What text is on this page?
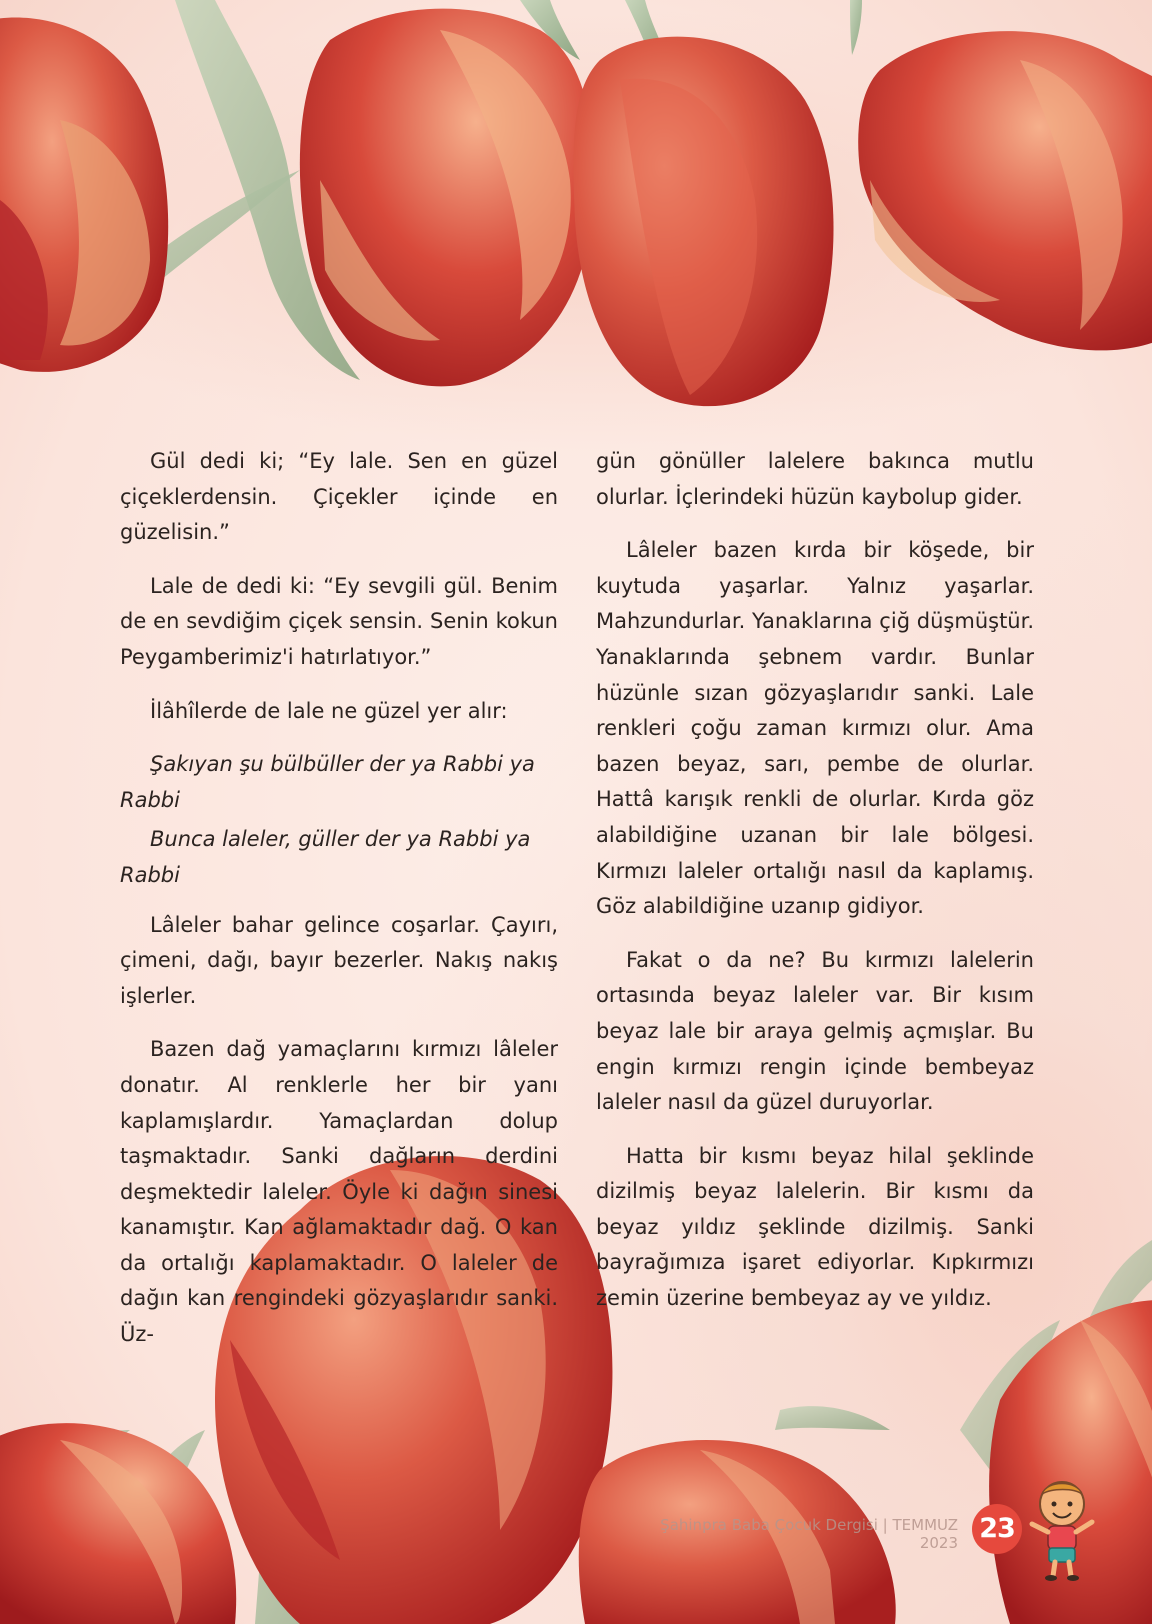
Gül dedi ki; “Ey lale. Sen en güzel çiçeklerdensin. Çiçekler içinde en güzelisin.”

Lale de dedi ki: “Ey sevgili gül. Benim de en sevdiğim çiçek sensin. Senin kokun Peygamberimiz'i hatırlatıyor.”

İlâhîlerde de lale ne güzel yer alır:

Şakıyan şu bülbüller der ya Rabbi ya Rabbi

Bunca laleler, güller der ya Rabbi ya Rabbi

Lâleler bahar gelince coşarlar. Çayırı, çimeni, dağı, bayır bezerler. Nakış nakış işlerler.

Bazen dağ yamaçlarını kırmızı lâleler donatır. Al renklerle her bir yanı kaplamışlardır. Yamaçlardan dolup taşmaktadır. Sanki dağların derdini deşmektedir laleler. Öyle ki dağın sinesi kanamıştır. Kan ağlamaktadır dağ. O kan da ortalığı kaplamaktadır. O laleler de dağın kan rengindeki gözyaşlarıdır sanki. Üz-

gün gönüller lalelere bakınca mutlu olurlar. İçlerindeki hüzün kaybolup gider.

Lâleler bazen kırda bir köşede, bir kuytuda yaşarlar. Yalnız yaşarlar. Mahzundurlar. Yanaklarına çiğ düşmüştür. Yanaklarında şebnem vardır. Bunlar hüzünle sızan gözyaşlarıdır sanki. Lale renkleri çoğu zaman kırmızı olur. Ama bazen beyaz, sarı, pembe de olurlar. Hattâ karışık renkli de olurlar. Kırda göz alabildiğine uzanan bir lale bölgesi. Kırmızı laleler ortalığı nasıl da kaplamış. Göz alabildiğine uzanıp gidiyor.

Fakat o da ne? Bu kırmızı lalelerin ortasında beyaz laleler var. Bir kısım beyaz lale bir araya gelmiş açmışlar. Bu engin kırmızı rengin içinde bembeyaz laleler nasıl da güzel duruyorlar.

Hatta bir kısmı beyaz hilal şeklinde dizilmiş beyaz lalelerin. Bir kısmı da beyaz yıldız şeklinde dizilmiş. Sanki bayrağımıza işaret ediyorlar. Kıpkırmızı zemin üzerine bembeyaz ay ve yıldız.

Şahinpra Baba Çocuk Dergisi | TEMMUZ 2023 23
